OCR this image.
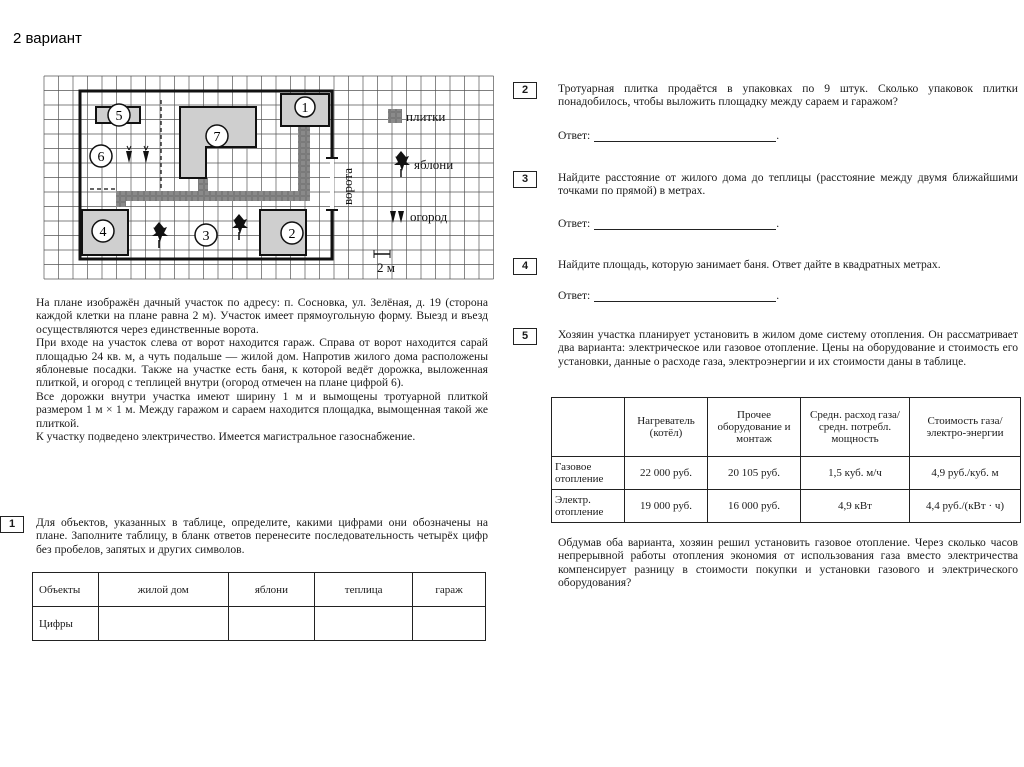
2 вариант
ворота
1
2
3
4
5
6
7
плитки
яблони
огород
2 м

На плане изображён дачный участок по адресу: п. Сосновка, ул. Зелёная, д. 19 (сторона каждой клетки на плане равна 2 м). Участок имеет прямоугольную форму. Выезд и въезд осуществляются через единственные ворота.

При входе на участок слева от ворот находится гараж. Справа от ворот находится сарай площадью 24 кв. м, а чуть подальше — жилой дом. Напротив жилого дома расположены яблоневые посадки. Также на участке есть баня, к которой ведёт дорожка, выложенная плиткой, и огород с теплицей внутри (огород отмечен на плане цифрой 6).

Все дорожки внутри участка имеют ширину 1 м и вымощены тротуарной плиткой размером 1 м × 1 м. Между гаражом и сараем находится площадка, вымощенная такой же плиткой.

К участку подведено электричество. Имеется магистральное газоснабжение.

1	Для объектов, указанных в таблице, определите, какими цифрами они обозначены на плане. Заполните таблицу, в бланк ответов перенесите последовательность четырёх цифр без пробелов, запятых и других символов.
Объекты	жилой дом	яблони	теплица	гараж
Цифры				
2	Тротуарная плитка продаётся в упаковках по 9 штук. Сколько упаковок плитки понадобилось, чтобы выложить площадку между сараем и гаражом?
Ответ:	.
3	Найдите расстояние от жилого дома до теплицы (расстояние между двумя ближайшими точками по прямой) в метрах.
Ответ:	.
4	Найдите площадь, которую занимает баня. Ответ дайте в квадратных метрах.
Ответ:	.
5	Хозяин участка планирует установить в жилом доме систему отопления. Он рассматривает два варианта: электрическое или газовое отопление. Цены на оборудование и стоимость его установки, данные о расходе газа, электроэнергии и их стоимости даны в таблице.
	Нагреватель (котёл)	Прочее оборудование и монтаж	Средн. расход газа/ средн. потребл. мощность	Стоимость газа/электро-энергии
Газовое отопление	22 000 руб.	20 105 руб.	1,5 куб. м/ч	4,9 руб./куб. м
Электр. отопление	19 000 руб.	16 000 руб.	4,9 кВт	4,4 руб./(кВт · ч)
Обдумав оба варианта, хозяин решил установить газовое отопление. Через сколько часов непрерывной работы отопления экономия от использования газа вместо электричества компенсирует разницу в стоимости покупки и установки газового и электрического оборудования?
